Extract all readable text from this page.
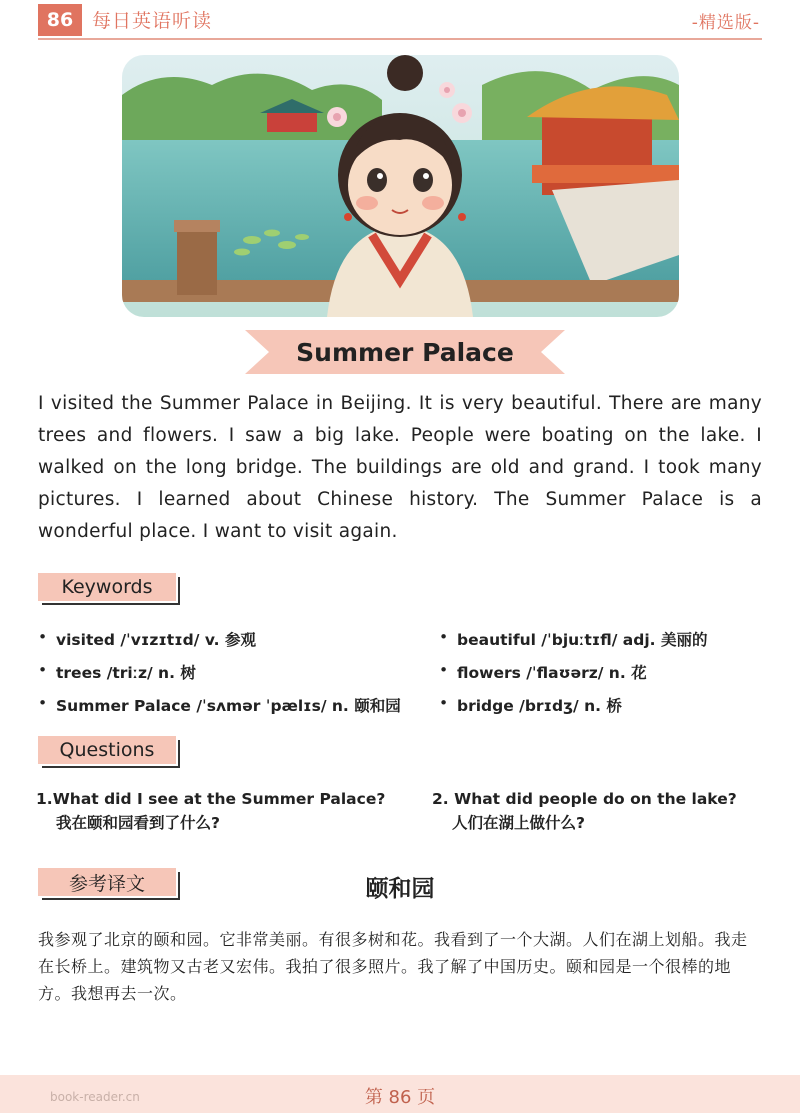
86 每日英语听读	-精选版-
Summer Palace
I visited the Summer Palace in Beijing. It is very beautiful. There are many trees and flowers. I saw a big lake. People were boating on the lake. I walked on the long bridge. The buildings are old and grand. I took many pictures. I learned about Chinese history. The Summer Palace is a wonderful place. I want to visit again.
Keywords
• visited /ˈvɪzɪtɪd/ v. 参观	• beautiful /ˈbjuːtɪfl/ adj. 美丽的
• trees /triːz/ n. 树	• flowers /ˈflaʊərz/ n. 花
• Summer Palace /ˈsʌmər ˈpælɪs/ n. 颐和园	• bridge /brɪdʒ/ n. 桥
Questions
1.What did I see at the Summer Palace?
我在颐和园看到了什么?
2. What did people do on the lake?
人们在湖上做什么?
参考译文	颐和园
我参观了北京的颐和园。它非常美丽。有很多树和花。我看到了一个大湖。人们在湖上划船。我走在长桥上。建筑物又古老又宏伟。我拍了很多照片。我了解了中国历史。颐和园是一个很棒的地方。我想再去一次。
book-reader.cn	第 86 页
